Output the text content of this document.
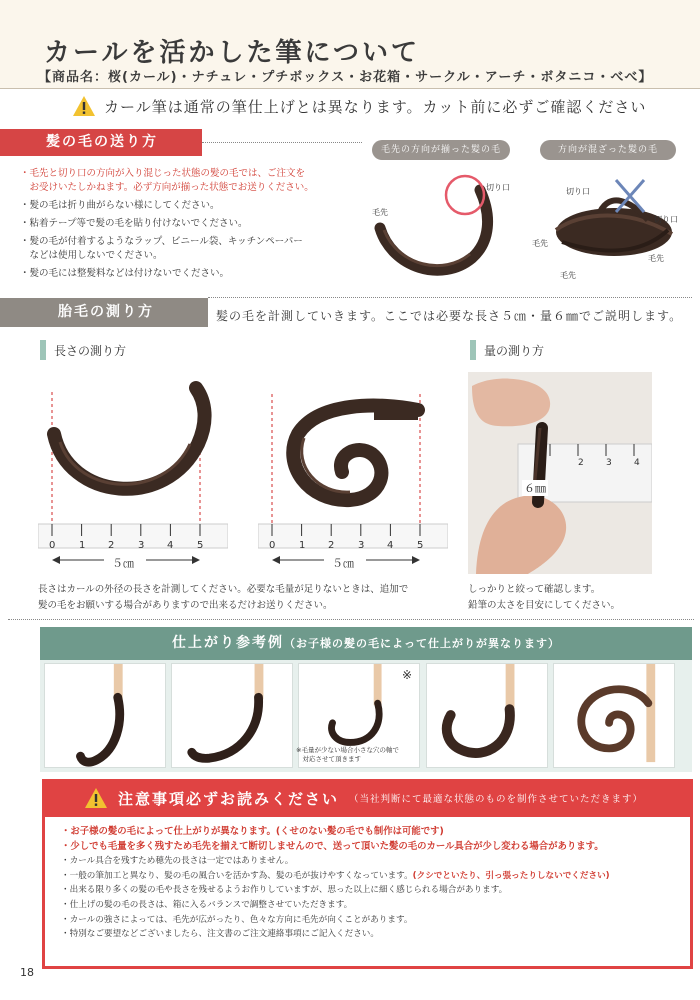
カールを活かした筆について
【商品名：桜(カール)・ナチュレ・プチボックス・お花箱・サークル・アーチ・ボタニコ・べべ】
カール筆は通常の筆仕上げとは異なります。カット前に必ずご確認ください
髪の毛の送り方
・毛先と切り口の方向が入り混じった状態の髪の毛では、ご注文を
　お受けいたしかねます。必ず方向が揃った状態でお送りください。
・髪の毛は折り曲がらない様にしてください。
・粘着テープ等で髪の毛を貼り付けないでください。
・髪の毛が付着するようなラップ、ビニール袋、キッチンペーパー
　などは使用しないでください。
・髪の毛には整髪料などは付けないでください。
毛先の方向が揃った髪の毛	方向が混ざった髪の毛
切り口
毛先
切り口
切り口
毛先
毛先
毛先
胎毛の測り方	髪の毛を計測していきます。ここでは必要な長さ５㎝・量６㎜でご説明します。
長さの測り方	量の測り方
0 1 2 3 4 5
５㎝
0 1 2 3 4 5
５㎝
2 3 4
６㎜
長さはカールの外径の長さを計測してください。必要な毛量が足りないときは、追加で
髪の毛をお願いする場合がありますので出来るだけお送りください。
しっかりと絞って確認します。
鉛筆の太さを目安にしてください。
仕上がり参考例（お子様の髪の毛によって仕上がりが異なります）
※
※毛量が少ない場合小さな穴の軸で
　対応させて頂きます
注意事項必ずお読みください （当社判断にて最適な状態のものを制作させていただきます）
・お子様の髪の毛によって仕上がりが異なります。(くせのない髪の毛でも制作は可能です)
・少しでも毛量を多く残すため毛先を揃えて断切しませんので、送って頂いた髪の毛のカール具合が少し変わる場合があります。
・カール具合を残すため穂先の長さは一定ではありません。
・一般の筆加工と異なり、髪の毛の風合いを活かす為、髪の毛が抜けやすくなっています。(クシでといたり、引っ張ったりしないでください)
・出来る限り多くの髪の毛や長さを残せるようお作りしていますが、思った以上に細く感じられる場合があります。
・仕上げの髪の毛の長さは、箱に入るバランスで調整させていただきます。
・カールの強さによっては、毛先が広がったり、色々な方向に毛先が向くことがあります。
・特別なご要望などございましたら、注文書のご注文連絡事項にご記入ください。
18
